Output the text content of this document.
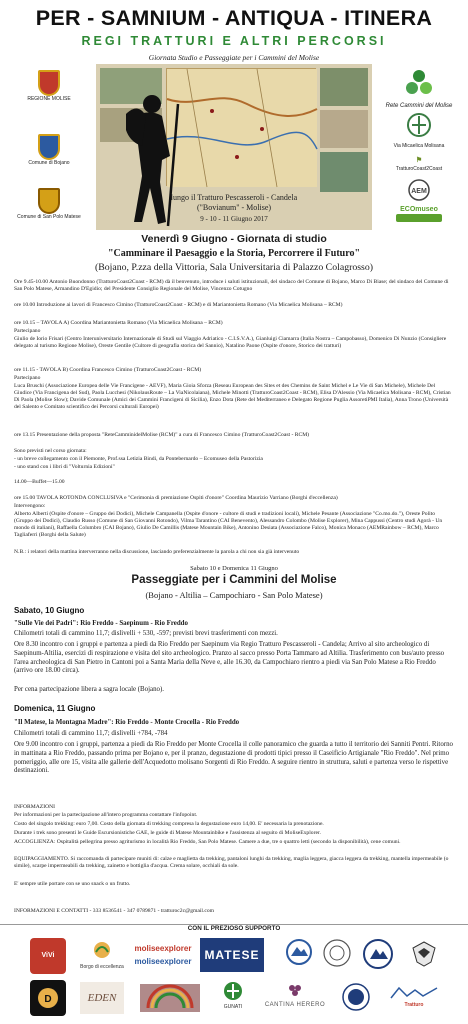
PER - SAMNIUM - ANTIQUA - ITINERA
REGI TRATTURI E ALTRI PERCORSI
Giornata Studio e Passeggiate per i Cammini del Molise
REGIONE MOLISE
Comune di Bojano
Comune di San Polo Matese
Rete Cammini del Molise
Via Micaelica Molisana
⚑
TratturoCoast2Coast
AEM
ECOmuseo
lungo il Tratturo Pescasseroli - Candela
("Bovianum" - Molise)
9 - 10 - 11 Giugno 2017
Venerdì 9 Giugno - Giornata di studio
"Camminare il Paesaggio e la Storia, Percorrere il Futuro"
(Bojano, P.zza della Vittoria, Sala Universitaria di Palazzo Colagrosso)
Ore 9.45-10.00 Antonio Buondonno (TratturoCoast2Coast - RCM) dà il benvenuto, introduce i saluti istituzionali, del sindaco del Comune di Bojano, Marco Di Biase; del sindaco del Comune di San Polo Matese, Armandino D'Egidio; del Presidente Consiglio Regionale del Molise, Vincenzo Cotugno
ore 10.00 Introduzione ai lavori di Francesco Cimino (TratturoCoast2Coast - RCM) e di Mariantonietta Romano (Via Micaelica Molisana – RCM)
ore 10.15 – TAVOLA A) Coordina Mariantonietta Romano (Via Micaelica Molisana – RCM)
Partecipano
Giulio de Iorio Frisari (Centro Interuniversitario Internazionale di Studi sul Viaggio Adriatico - C.I.S.V.A.), Gianluigi Ciamarra (Italia Nostra – Campobasso), Domenico Di Nunzio (Consigliere delegato al turismo Regione Molise), Oreste Gentile (Cultore di geografia storica del Sannio), Natalino Paone (Ospite d'onore, Storico dei tratturi)
ore 11.15 - TAVOLA B) Coordina Francesco Cimino (TratturoCoast2Coast - RCM)
Partecipano
Luca Bruschi (Associazione Europea delle Vie Francigene - AEVF), Maria Gioia Sforza (Reseau European des Sites et des Chemins de Saint Michel e Le Vie di San Michele), Michele Del Giudice (Via Francigena del Sud), Paola Lucchesi (NikolausRoute – La ViaNicolaiana), Michele Minotti (TratturoCoast2Coast - RCM), Elisa D'Alessio (Via Micaelica Molisana - RCM), Cristian Di Paola (Molise Slow); Davide Comunale (Amici dei Cammini Francigeni di Sicilia), Enzo Dota (Rete del Mediterraneo e Delegato Regione Puglia AssoretiPMI Italia), Anna Trono (Università del Salento e Comitato scientifico dei Percorsi culturali Europei)
ore 13.15 Presentazione della proposta "ReteCamminidelMolise (RCM)" a cura di Francesco Cimino (TratturoCoast2Coast - RCM)
Sono previsti nel corso giornata:
- un breve collegamento con il Piemonte, Prof.ssa Letizia Bindi, da Pontebernardo – Ecomuseo della Pastorizia
- uno stand con i libri di "Volturnia Edizioni"
14.00—Buffet—15.00
ore 15.00 TAVOLA ROTONDA CONCLUSIVA e "Cerimonia di premiazione Ospiti d'onore" Coordina Maurizio Varriano (Borghi d'eccellenza)
Intervengono:
Alberto Alberti (Ospite d'onore – Gruppo dei Dodici), Michele Campanella (Ospite d'onore - cultore di studi e tradizioni locali), Michele Pesante (Associazione "Co.mo.do."), Oreste Polito (Gruppo dei Dodici), Claudio Russo (Comune di San Giovanni Rotondo), Vilma Tarantino (CAI Benevento), Alessandro Colombo (Molise Explorer), Mina Cappussi (Centro studi Agorà - Un mondo di italiani), Raffaella Columbro (CAI Bojano), Giulio De Camillis (Matese Mountain Bike), Antonino Desiata (Associazione Falco), Monica Monaco (AEMRainbow – RCM), Marco Tagliaferri (Borghi della Salute)
N.B.: i relatori della mattina interverranno nella discussione, lasciando preferenzialmente la parola a chi non sia già intervenuto
Sabato 10 e Domenica 11 Giugno
Passeggiate per i Cammini del Molise
(Bojano - Altilia – Campochiaro - San Polo Matese)
Sabato, 10 Giugno
"Sulle Vie dei Padri": Rio Freddo - Saepinum - Rio Freddo
Chilometri totali di cammino 11,7; dislivelli + 530, -597; previsti brevi trasferimenti con mezzi.
Ore 8.30 incontro con i gruppi e partenza a piedi da Rio Freddo per Saepinum via Regio Tratturo Pescasseroli - Candela; Arrivo al sito archeologico di Saepinum-Altilia, esercizi di respirazione e visita del sito archeologico. Pranzo al sacco presso Porta Tammaro ad Altilia. Trasferimento con bus/auto presso l'area archeologica di San Pietro in Cantoni poi a Santa Maria della Neve e, alle 16.30, da Campochiaro rientro a piedi via San Polo Matese a Rio Freddo (arrivo ore 18.00 circa).
Per cena partecipazione libera a sagra locale (Bojano).
Domenica, 11 Giugno
"Il Matese, la Montagna Madre": Rio Freddo - Monte Crocella - Rio Freddo
Chilometri totali di cammino 11,7; dislivelli +784, -784
Ore 9.00 incontro con i gruppi, partenza a piedi da Rio Freddo per Monte Crocella il colle panoramico che guarda a tutto il territorio dei Sanniti Pentri. Ritorno in mattinata a Rio Freddo, passando prima per Bojano e, per il pranzo, degustazione di prodotti tipici presso il Caseificio Artigianale "Rio Freddo". Nel primo pomeriggio, alle ore 15, visita alle gallerie dell'Acquedotto molisano Sorgenti di Rio Freddo. A seguire rientro in struttura, saluti e partenza verso le rispettive destinazioni.
INFORMAZIONI
Per informazioni per la partecipazione all'intero programma contattare l'infopoint.
Costo del singolo trekking: euro 7,00. Costo della giornata di trekking compresa la degustazione euro 14,00. E' necessaria la prenotazione.
Durante i trek sono presenti le Guide Escursionistiche GAE, le guide di Matese Mountainbike e l'assistenza al seguito di MoliseExplorer.
ACCOGLIENZA: Ospitalità pellegrina presso agriturismo in località Rio Freddo, San Polo Matese. Camere a due, tre o quattro letti (secondo la disponibilità), cene comuni.
EQUIPAGGIAMENTO. Si raccomanda di partecipare muniti di: calze e maglietta da trekking, pantaloni lunghi da trekking, maglia leggera, giacca leggera da trekking, mantella impermeabile (o simile), scarpe impermeabili da trekking, zainetto e bottiglia d'acqua. Crema solare, occhiali da sole.
E' sempre utile portare con se uno snack o un frutto.
INFORMAZIONI E CONTATTI - 333 8536541 - 347 0789871 - tratturoc2c@gmail.com
CON IL PREZIOSO SUPPORTO
ViVi
Borgo di eccellenza
moliseexplorer
moliseexplorer	MATESE
D	EDEN
GUNATI	CANTINA HERERO	Tratturo
